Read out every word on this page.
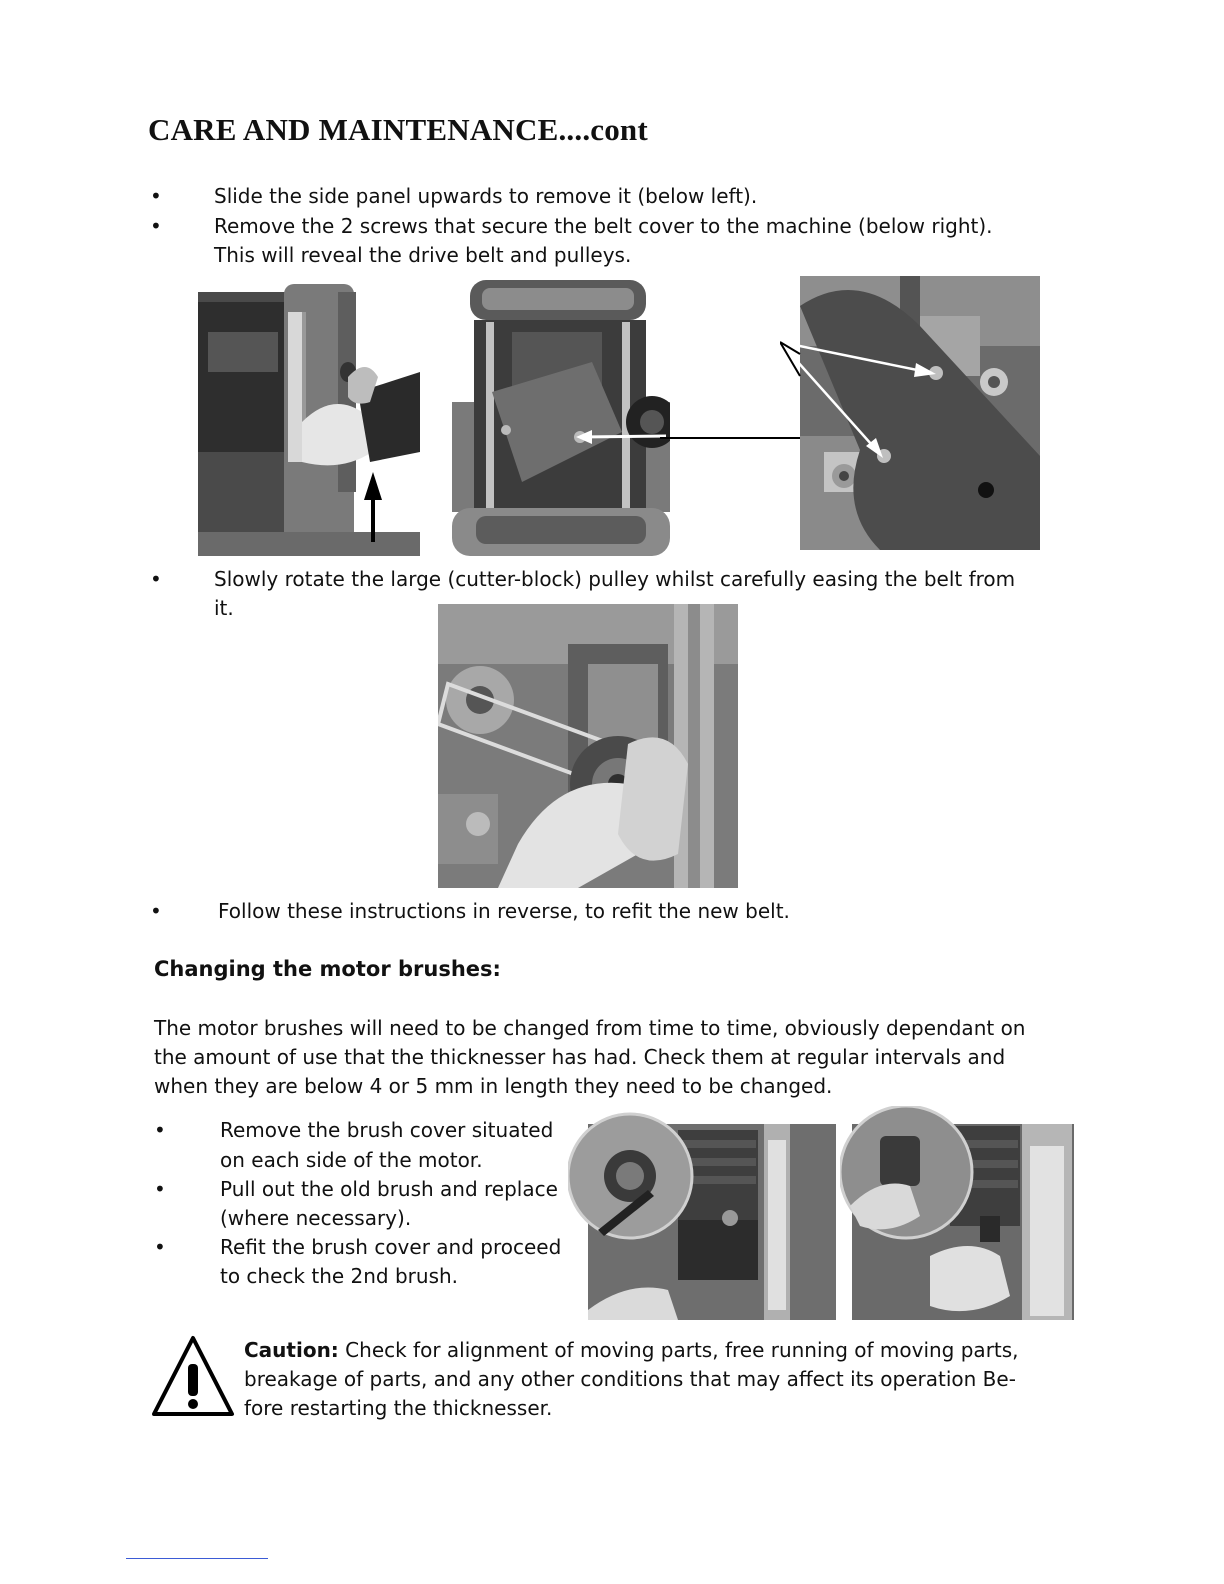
CARE AND MAINTENANCE....cont
•
Slide the side panel upwards to remove it (below left).
•
Remove the 2 screws that secure the belt cover to the machine (below right).
This will reveal the drive belt and pulleys.
•
Slowly rotate the large (cutter-block) pulley whilst carefully easing the belt from
it.
•
Follow these instructions in reverse, to refit the new belt.
Changing the motor brushes:
The motor brushes will need to be changed from time to time, obviously dependant on
the amount of use that the thicknesser has had. Check them at regular intervals and
when they are below 4 or 5 mm in length they need to be changed.
•
Remove the brush cover situated
on each side of the motor.
•
Pull out the old brush and replace
(where necessary).
•
Refit the brush cover and proceed
to check the 2nd brush.
Caution: Check for alignment of moving parts, free running of moving parts,
breakage of parts, and any other conditions that may affect its operation Be-
fore restarting the thicknesser.
